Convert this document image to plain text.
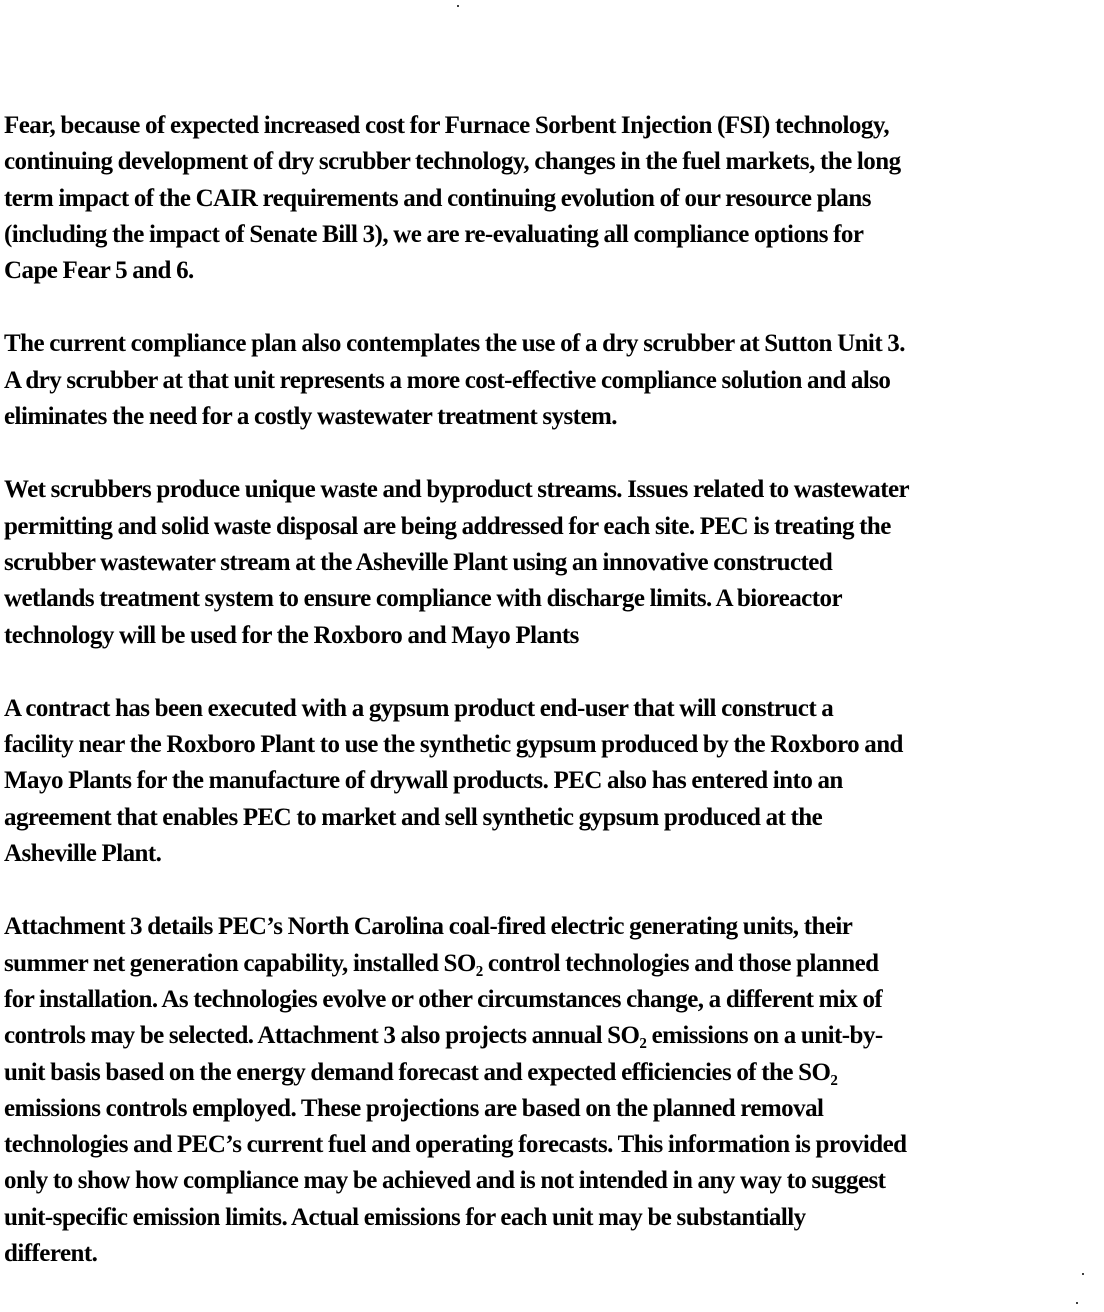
Fear, because of expected increased cost for Furnace Sorbent Injection (FSI) technology,
continuing development of dry scrubber technology, changes in the fuel markets, the long
term impact of the CAIR requirements and continuing evolution of our resource plans
(including the impact of Senate Bill 3), we are re-evaluating all compliance options for
Cape Fear 5 and 6.

The current compliance plan also contemplates the use of a dry scrubber at Sutton Unit 3.
A dry scrubber at that unit represents a more cost-effective compliance solution and also
eliminates the need for a costly wastewater treatment system.

Wet scrubbers produce unique waste and byproduct streams. Issues related to wastewater
permitting and solid waste disposal are being addressed for each site. PEC is treating the
scrubber wastewater stream at the Asheville Plant using an innovative constructed
wetlands treatment system to ensure compliance with discharge limits. A bioreactor
technology will be used for the Roxboro and Mayo Plants

A contract has been executed with a gypsum product end-user that will construct a
facility near the Roxboro Plant to use the synthetic gypsum produced by the Roxboro and
Mayo Plants for the manufacture of drywall products. PEC also has entered into an
agreement that enables PEC to market and sell synthetic gypsum produced at the
Asheville Plant.

Attachment 3 details PEC’s North Carolina coal-fired electric generating units, their
summer net generation capability, installed SO₂ control technologies and those planned
for installation. As technologies evolve or other circumstances change, a different mix of
controls may be selected. Attachment 3 also projects annual SO₂ emissions on a unit-by-
unit basis based on the energy demand forecast and expected efficiencies of the SO₂
emissions controls employed. These projections are based on the planned removal
technologies and PEC’s current fuel and operating forecasts. This information is provided
only to show how compliance may be achieved and is not intended in any way to suggest
unit-specific emission limits. Actual emissions for each unit may be substantially
different.
